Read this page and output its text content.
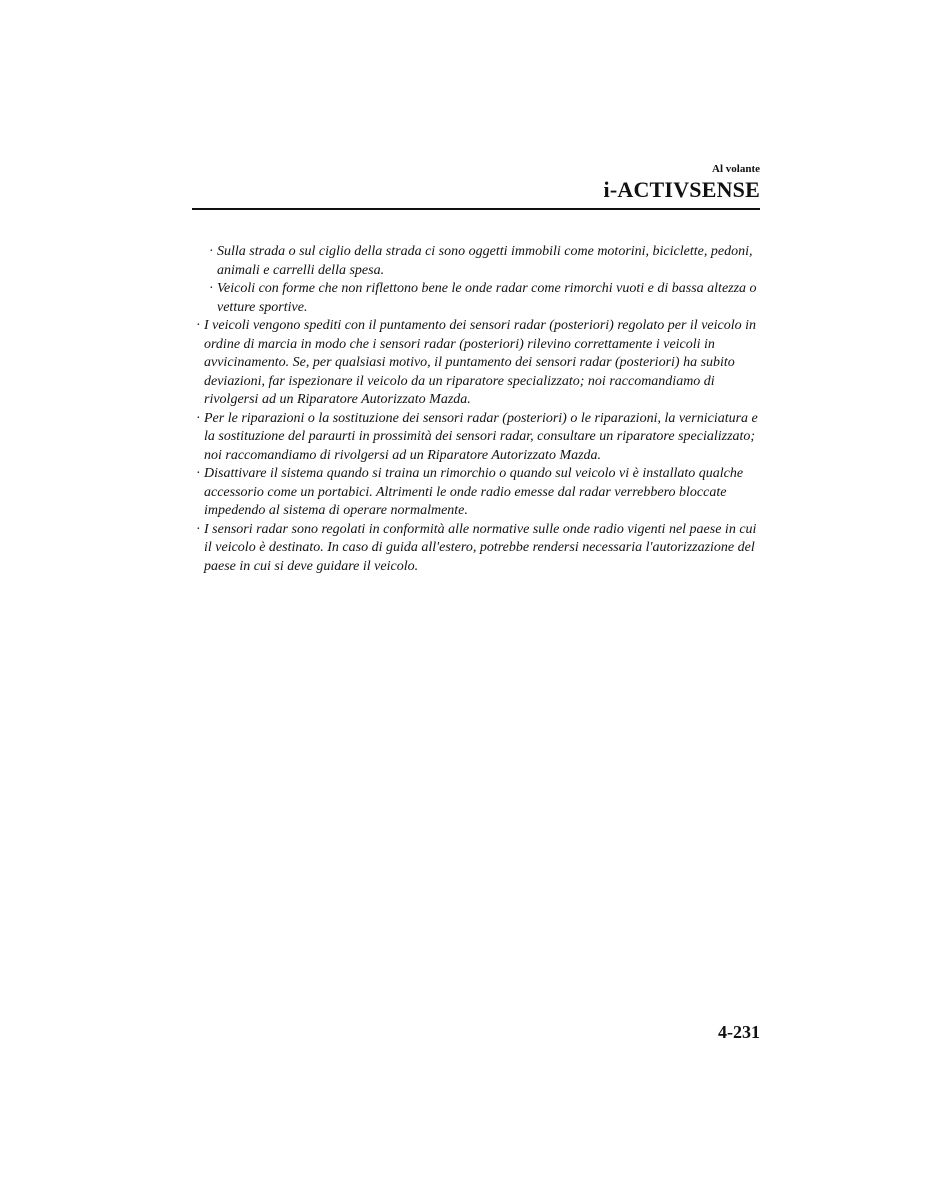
Al volante
i-ACTIVSENSE
· Sulla strada o sul ciglio della strada ci sono oggetti immobili come motorini, biciclette, pedoni, animali e carrelli della spesa.
· Veicoli con forme che non riflettono bene le onde radar come rimorchi vuoti e di bassa altezza o vetture sportive.
· I veicoli vengono spediti con il puntamento dei sensori radar (posteriori) regolato per il veicolo in ordine di marcia in modo che i sensori radar (posteriori) rilevino correttamente i veicoli in avvicinamento. Se, per qualsiasi motivo, il puntamento dei sensori radar (posteriori) ha subito deviazioni, far ispezionare il veicolo da un riparatore specializzato; noi raccomandiamo di rivolgersi ad un Riparatore Autorizzato Mazda.
· Per le riparazioni o la sostituzione dei sensori radar (posteriori) o le riparazioni, la verniciatura e la sostituzione del paraurti in prossimità dei sensori radar, consultare un riparatore specializzato; noi raccomandiamo di rivolgersi ad un Riparatore Autorizzato Mazda.
· Disattivare il sistema quando si traina un rimorchio o quando sul veicolo vi è installato qualche accessorio come un portabici. Altrimenti le onde radio emesse dal radar verrebbero bloccate impedendo al sistema di operare normalmente.
· I sensori radar sono regolati in conformità alle normative sulle onde radio vigenti nel paese in cui il veicolo è destinato. In caso di guida all'estero, potrebbe rendersi necessaria l'autorizzazione del paese in cui si deve guidare il veicolo.
4-231
